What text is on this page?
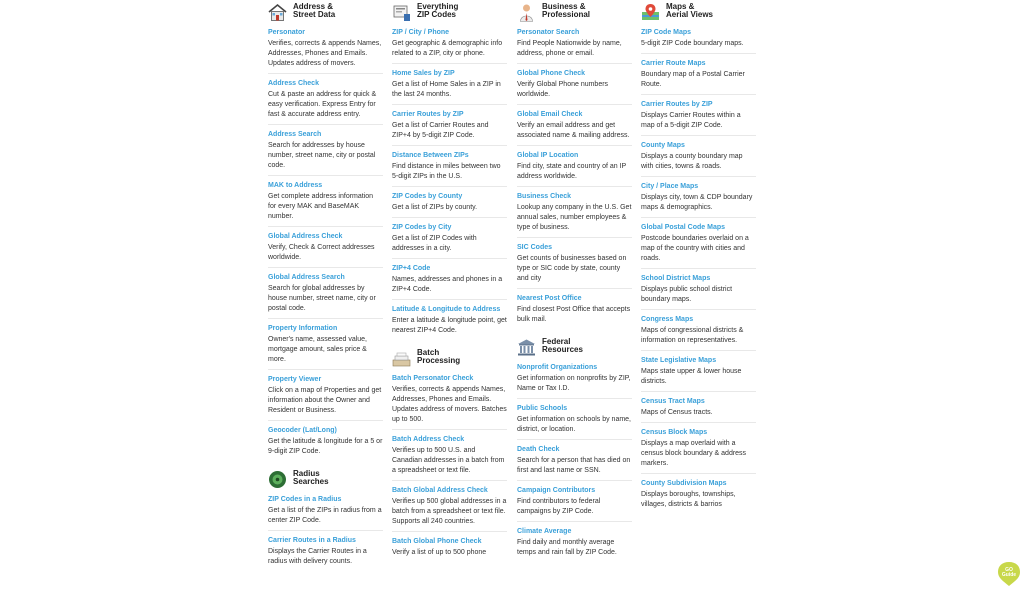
Address &
Street Data
Personator
Verifies, corrects & appends Names, Addresses, Phones and Emails. Updates address of movers.
Address Check
Cut & paste an address for quick & easy verification. Express Entry for fast & accurate address entry.
Address Search
Search for addresses by house number, street name, city or postal code.
MAK to Address
Get complete address information for every MAK and BaseMAK number.
Global Address Check
Verify, Check & Correct addresses worldwide.
Global Address Search
Search for global addresses by house number, street name, city or postal code.
Property Information
Owner's name, assessed value, mortgage amount, sales price & more.
Property Viewer
Click on a map of Properties and get information about the Owner and Resident or Business.
Geocoder (Lat/Long)
Get the latitude & longitude for a 5 or 9-digit ZIP Code.
Radius
Searches
ZIP Codes in a Radius
Get a list of the ZIPs in radius from a center ZIP Code.
Carrier Routes in a Radius
Displays the Carrier Routes in a radius with delivery counts.
Everything
ZIP Codes
ZIP / City / Phone
Get geographic & demographic info related to a ZIP, city or phone.
Home Sales by ZIP
Get a list of Home Sales in a ZIP in the last 24 months.
Carrier Routes by ZIP
Get a list of Carrier Routes and ZIP+4 by 5-digit ZIP Code.
Distance Between ZIPs
Find distance in miles between two 5-digit ZIPs in the U.S.
ZIP Codes by County
Get a list of ZIPs by county.
ZIP Codes by City
Get a list of ZIP Codes with addresses in a city.
ZIP+4 Code
Names, addresses and phones in a ZIP+4 Code.
Latitude & Longitude to Address
Enter a latitude & longitude point, get nearest ZIP+4 Code.
Batch
Processing
Batch Personator Check
Verifies, corrects & appends Names, Addresses, Phones and Emails. Updates address of movers. Batches up to 500.
Batch Address Check
Verifies up to 500 U.S. and Canadian addresses in a batch from a spreadsheet or text file.
Batch Global Address Check
Verifies up 500 global addresses in a batch from a spreadsheet or text file. Supports all 240 countries.
Batch Global Phone Check
Verify a list of up to 500 phone
Business &
Professional
Personator Search
Find People Nationwide by name, address, phone or email.
Global Phone Check
Verify Global Phone numbers worldwide.
Global Email Check
Verify an email address and get associated name & mailing address.
Global IP Location
Find city, state and country of an IP address worldwide.
Business Check
Lookup any company in the U.S. Get annual sales, number employees & type of business.
SIC Codes
Get counts of businesses based on type or SIC code by state, county and city
Nearest Post Office
Find closest Post Office that accepts bulk mail.
Federal
Resources
Nonprofit Organizations
Get information on nonprofits by ZIP, Name or Tax I.D.
Public Schools
Get information on schools by name, district, or location.
Death Check
Search for a person that has died on first and last name or SSN.
Campaign Contributors
Find contributors to federal campaigns by ZIP Code.
Climate Average
Find daily and monthly average temps and rain fall by ZIP Code.
Maps &
Aerial Views
ZIP Code Maps
5-digit ZIP Code boundary maps.
Carrier Route Maps
Boundary map of a Postal Carrier Route.
Carrier Routes by ZIP
Displays Carrier Routes within a map of a 5-digit ZIP Code.
County Maps
Displays a county boundary map with cities, towns & roads.
City / Place Maps
Displays city, town & CDP boundary maps & demographics.
Global Postal Code Maps
Postcode boundaries overlaid on a map of the country with cities and roads.
School District Maps
Displays public school district boundary maps.
Congress Maps
Maps of congressional districts & information on representatives.
State Legislative Maps
Maps state upper & lower house districts.
Census Tract Maps
Maps of Census tracts.
Census Block Maps
Displays a map overlaid with a census block boundary & address markers.
County Subdivision Maps
Displays boroughs, townships, villages, districts & barrios
GO
Guide
